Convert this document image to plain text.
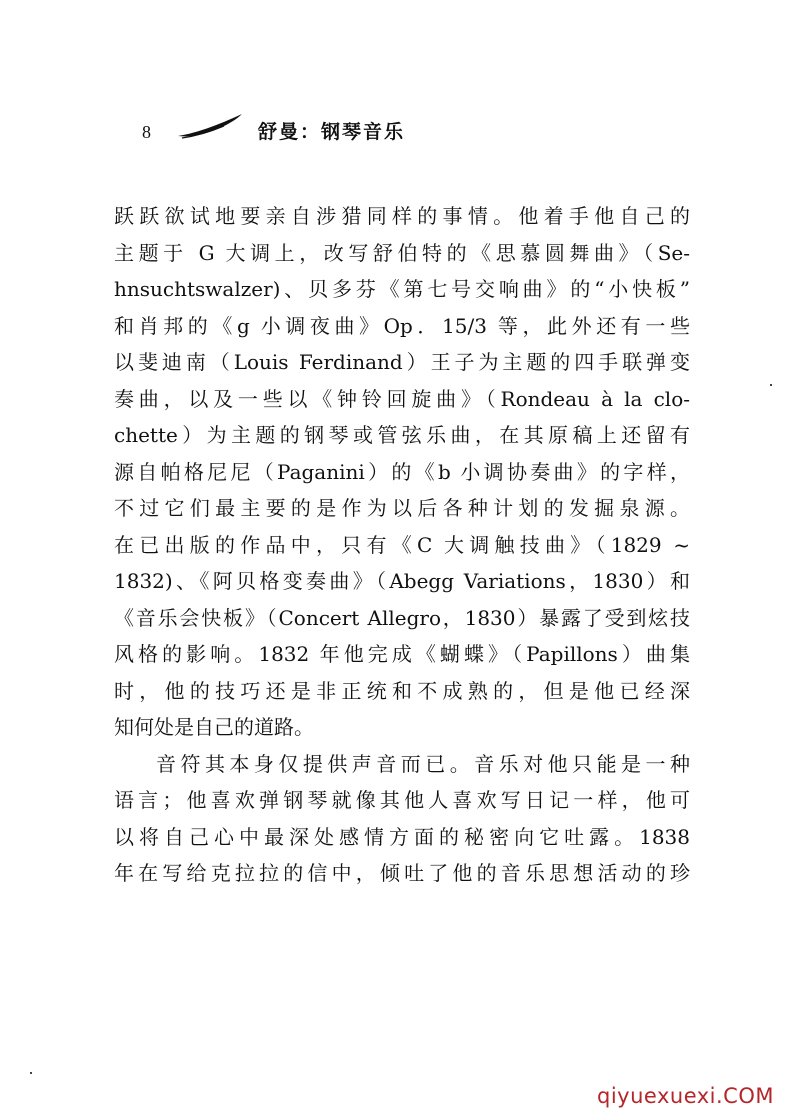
8	舒曼：钢琴音乐
跃跃欲试地要亲自涉猎同样的事情。他着手他自己的
主题于 G 大调上，改写舒伯特的《思慕圆舞曲》（Se-
hnsuchtswalzer)、贝多芬《第七号交响曲》的“小快板”
和肖邦的《g 小调夜曲》Op．15/3 等，此外还有一些
以斐迪南（Louis Ferdinand）王子为主题的四手联弹变
奏曲，以及一些以《钟铃回旋曲》（Rondeau à la clo-
chette）为主题的钢琴或管弦乐曲，在其原稿上还留有
源自帕格尼尼（Paganini）的《b 小调协奏曲》的字样，
不过它们最主要的是作为以后各种计划的发掘泉源。
在已出版的作品中，只有《C 大调触技曲》（1829 ~
1832)、《阿贝格变奏曲》（Abegg Variations，1830）和
《音乐会快板》（Concert Allegro，1830）暴露了受到炫技
风格的影响。1832 年他完成《蝴蝶》（Papillons）曲集
时，他的技巧还是非正统和不成熟的，但是他已经深
知何处是自己的道路。
音符其本身仅提供声音而已。音乐对他只能是一种
语言；他喜欢弹钢琴就像其他人喜欢写日记一样，他可
以将自己心中最深处感情方面的秘密向它吐露。1838
年在写给克拉拉的信中，倾吐了他的音乐思想活动的珍
qiyuexuexi.COM
